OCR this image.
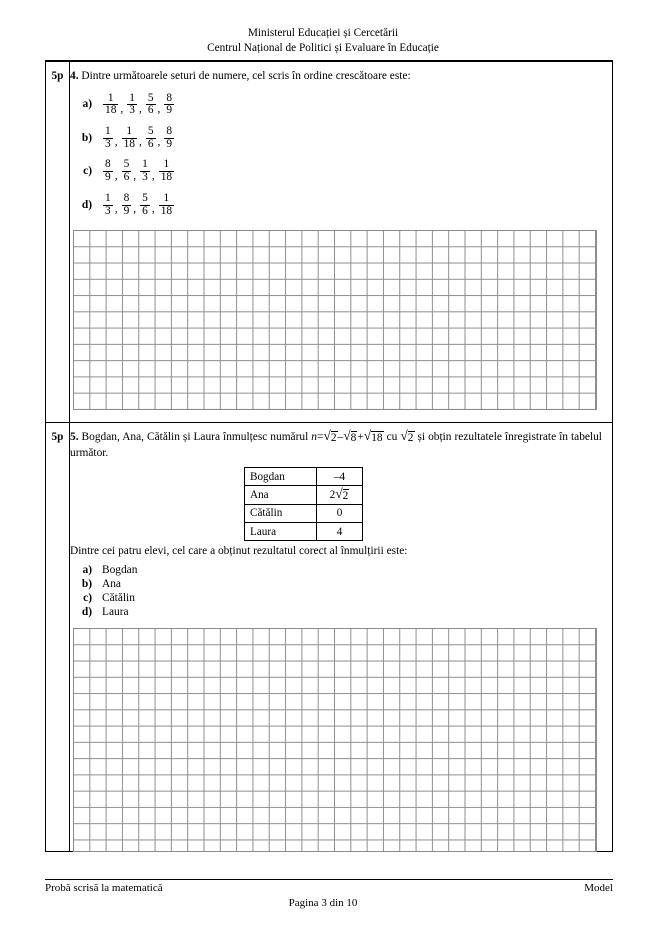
Ministerul Educației și Cercetării
Centrul Național de Politici și Evaluare în Educație
5p 4. Dintre următoarele seturi de numere, cel scris în ordine crescătoare este:
$a) \frac{1}{18}$ , $\frac{1}{3}$ , $\frac{5}{6}$ , $\frac{8}{9}$
$b) \frac{1}{3}$ , $\frac{1}{18}$ , $\frac{5}{6}$ , $\frac{8}{9}$
$c) \frac{8}{9}$ , $\frac{5}{6}$ , $\frac{1}{3}$ , $\frac{1}{18}$
$d) \frac{1}{3}$ , $\frac{8}{9}$ , $\frac{5}{6}$ , $\frac{1}{18}$
5p 5. Bogdan, Ana, Cătălin și Laura înmulțesc numărul n= √ 2 – √ 8 + √ 18 cu √ 2 și obțin rezultatele înregistrate în tabelul următor.
Bogdan	–4
Ana	2 √ 2

Cătălin	0
Laura	4
Dintre cei patru elevi, cel care a obținut rezultatul corect al înmulțirii este:
a) Bogdan
b) Ana
c) Cătălin
d) Laura
Probă scrisă la matematică	Model
Pagina 3 din 10
